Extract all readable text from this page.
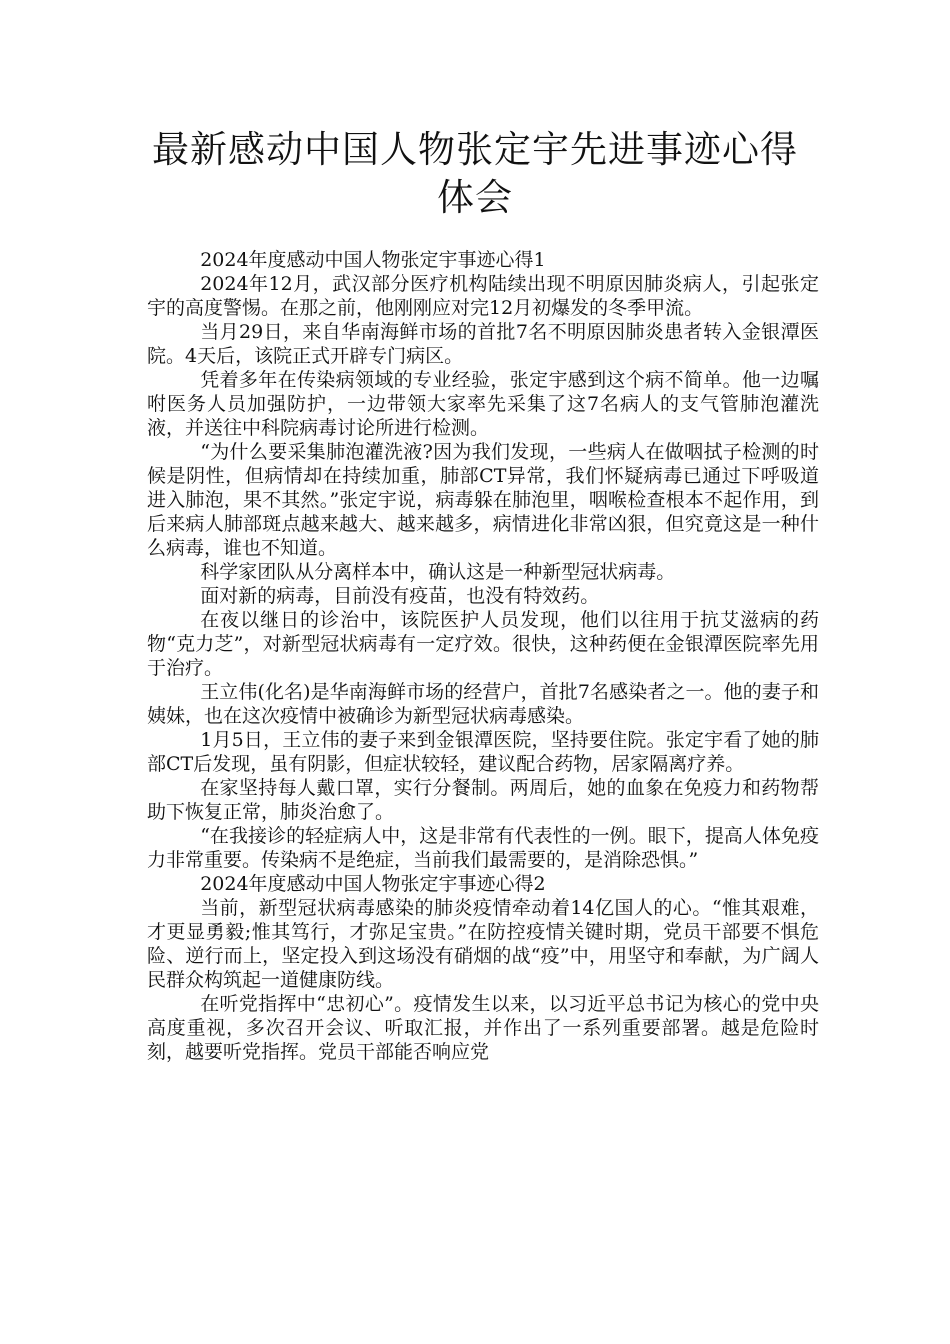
最新感动中国人物张定宇先进事迹心得体会

2024年度感动中国人物张定宇事迹心得1

2024年12月，武汉部分医疗机构陆续出现不明原因肺炎病人，引起张定宇的高度警惕。在那之前，他刚刚应对完12月初爆发的冬季甲流。

当月29日，来自华南海鲜市场的首批7名不明原因肺炎患者转入金银潭医院。4天后，该院正式开辟专门病区。

凭着多年在传染病领域的专业经验，张定宇感到这个病不简单。他一边嘱咐医务人员加强防护，一边带领大家率先采集了这7名病人的支气管肺泡灌洗液，并送往中科院病毒讨论所进行检测。

“为什么要采集肺泡灌洗液?因为我们发现，一些病人在做咽拭子检测的时候是阴性，但病情却在持续加重，肺部CT异常，我们怀疑病毒已通过下呼吸道进入肺泡，果不其然。”张定宇说，病毒躲在肺泡里，咽喉检查根本不起作用，到后来病人肺部斑点越来越大、越来越多，病情进化非常凶狠，但究竟这是一种什么病毒，谁也不知道。

科学家团队从分离样本中，确认这是一种新型冠状病毒。

面对新的病毒，目前没有疫苗，也没有特效药。

在夜以继日的诊治中，该院医护人员发现，他们以往用于抗艾滋病的药物“克力芝”，对新型冠状病毒有一定疗效。很快，这种药便在金银潭医院率先用于治疗。

王立伟(化名)是华南海鲜市场的经营户，首批7名感染者之一。他的妻子和姨妹，也在这次疫情中被确诊为新型冠状病毒感染。

1月5日，王立伟的妻子来到金银潭医院，坚持要住院。张定宇看了她的肺部CT后发现，虽有阴影，但症状较轻，建议配合药物，居家隔离疗养。

在家坚持每人戴口罩，实行分餐制。两周后，她的血象在免疫力和药物帮助下恢复正常，肺炎治愈了。

“在我接诊的轻症病人中，这是非常有代表性的一例。眼下，提高人体免疫力非常重要。传染病不是绝症，当前我们最需要的，是消除恐惧。”

2024年度感动中国人物张定宇事迹心得2

当前，新型冠状病毒感染的肺炎疫情牵动着14亿国人的心。“惟其艰难，才更显勇毅;惟其笃行，才弥足宝贵。”在防控疫情关键时期，党员干部要不惧危险、逆行而上，坚定投入到这场没有硝烟的战“疫”中，用坚守和奉献，为广阔人民群众构筑起一道健康防线。

在听党指挥中“忠初心”。疫情发生以来，以习近平总书记为核心的党中央高度重视，多次召开会议、听取汇报，并作出了一系列重要部署。越是危险时刻，越要听党指挥。党员干部能否响应党
